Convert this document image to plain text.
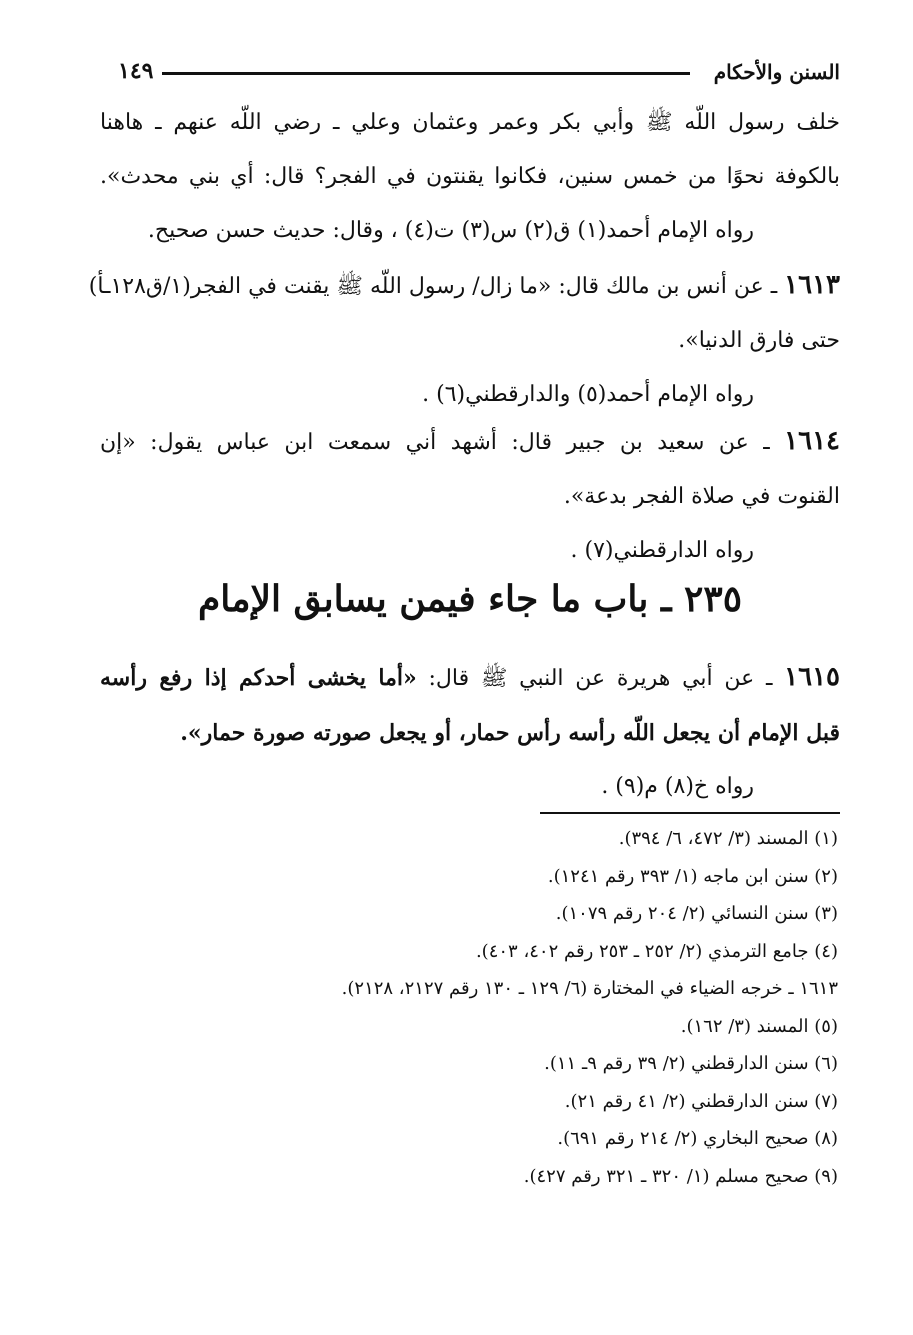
السنن والأحكام
١٤٩
خلف رسول اللّه ﷺ وأبي بكر وعمر وعثمان وعلي ـ رضي اللّه عنهم ـ هاهنا
بالكوفة نحوًا من خمس سنين، فكانوا يقنتون في الفجر؟ قال: أي بني محدث».
رواه الإمام أحمد(١) ق(٢) س(٣) ت(٤) ، وقال: حديث حسن صحيح.
١٦١٣ ـ عن أنس بن مالك قال: «ما زال/ رسول اللّه ﷺ يقنت في الفجر(١/ق١٢٨ـأ)
حتى فارق الدنيا».
رواه الإمام أحمد(٥) والدارقطني(٦) .
١٦١٤ ـ عن سعيد بن جبير قال: أشهد أني سمعت ابن عباس يقول: «إن
القنوت في صلاة الفجر بدعة».
رواه الدارقطني(٧) .
٢٣٥ ـ باب ما جاء فيمن يسابق الإمام
١٦١٥ ـ عن أبي هريرة عن النبي ﷺ قال: «أما يخشى أحدكم إذا رفع رأسه
قبل الإمام أن يجعل اللّه رأسه رأس حمار، أو يجعل صورته صورة حمار».
رواه خ(٨) م(٩) .
(١) المسند (٣/ ٤٧٢، ٦/ ٣٩٤).
(٢) سنن ابن ماجه (١/ ٣٩٣ رقم ١٢٤١).
(٣) سنن النسائي (٢/ ٢٠٤ رقم ١٠٧٩).
(٤) جامع الترمذي (٢/ ٢٥٢ ـ ٢٥٣ رقم ٤٠٢، ٤٠٣).
١٦١٣ ـ خرجه الضياء في المختارة (٦/ ١٢٩ ـ ١٣٠ رقم ٢١٢٧، ٢١٢٨).
(٥) المسند (٣/ ١٦٢).
(٦) سنن الدارقطني (٢/ ٣٩ رقم ٩ـ ١١).
(٧) سنن الدارقطني (٢/ ٤١ رقم ٢١).
(٨) صحيح البخاري (٢/ ٢١٤ رقم ٦٩١).
(٩) صحيح مسلم (١/ ٣٢٠ ـ ٣٢١ رقم ٤٢٧).
